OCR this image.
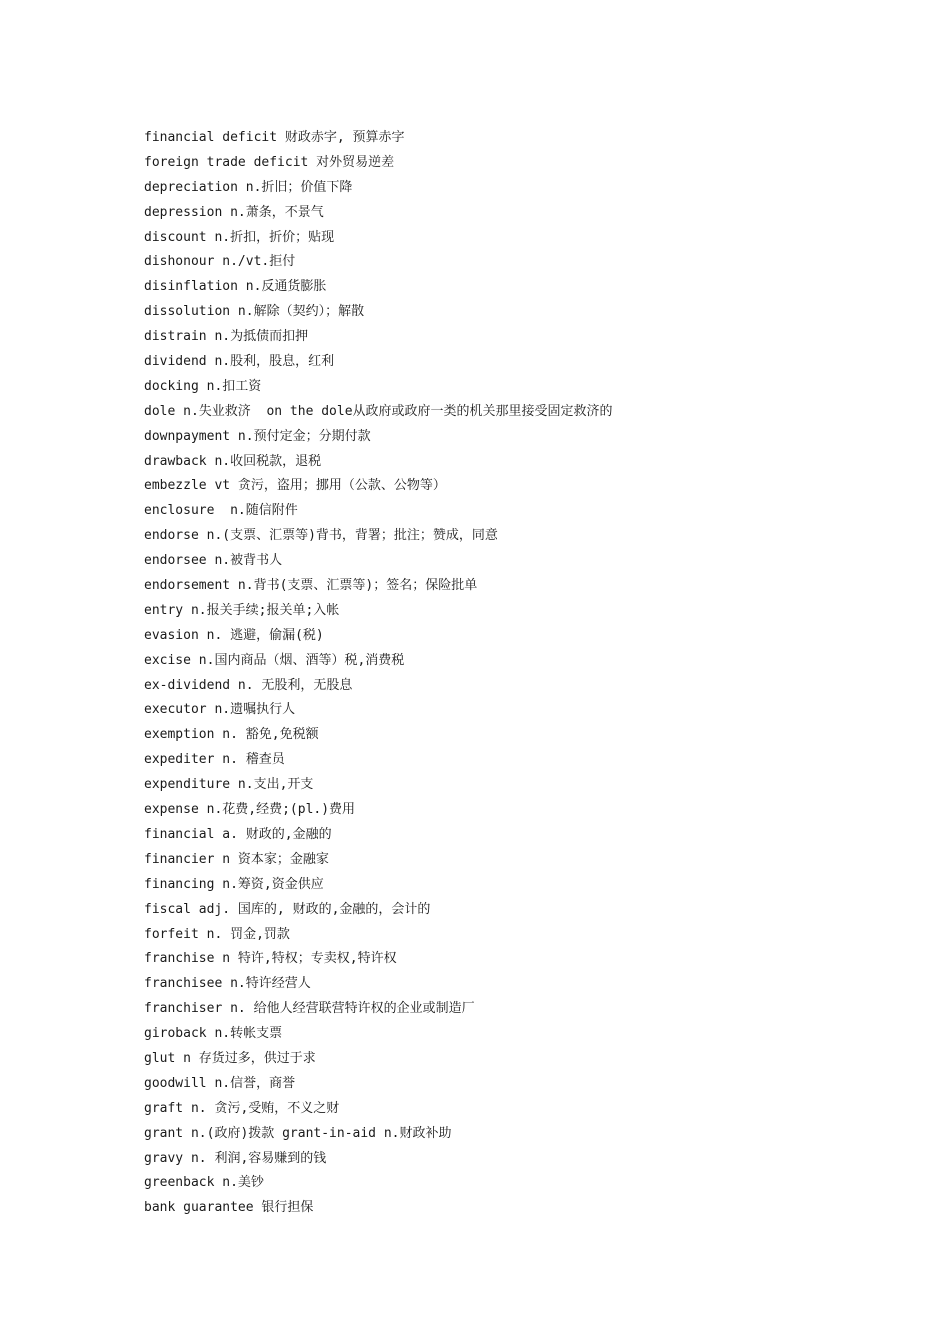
financial deficit 财政赤字, 预算赤字
foreign trade deficit 对外贸易逆差
depreciation n.折旧；价值下降
depression n.萧条，不景气
discount n.折扣，折价；贴现
dishonour n./vt.拒付
disinflation n.反通货膨胀
dissolution n.解除（契约）；解散
distrain n.为抵债而扣押
dividend n.股利，股息，红利
docking n.扣工资
dole n.失业救济  on the dole从政府或政府一类的机关那里接受固定救济的
downpayment n.预付定金；分期付款
drawback n.收回税款，退税
embezzle vt 贪污，盗用；挪用（公款、公物等）
enclosure  n.随信附件
endorse n.(支票、汇票等)背书，背署；批注；赞成，同意
endorsee n.被背书人
endorsement n.背书(支票、汇票等)；签名；保险批单
entry n.报关手续;报关单;入帐
evasion n. 逃避，偷漏(税)
excise n.国内商品（烟、酒等）税,消费税
ex-dividend n. 无股利，无股息
executor n.遗嘱执行人
exemption n. 豁免,免税额
expediter n. 稽查员
expenditure n.支出,开支
expense n.花费,经费;(pl.)费用
financial a. 财政的,金融的
financier n 资本家；金融家
financing n.筹资,资金供应
fiscal adj. 国库的, 财政的,金融的，会计的
forfeit n. 罚金,罚款
franchise n 特许,特权；专卖权,特许权
franchisee n.特许经营人
franchiser n. 给他人经营联营特许权的企业或制造厂
giroback n.转帐支票
glut n 存货过多，供过于求
goodwill n.信誉，商誉
graft n. 贪污,受贿，不义之财
grant n.(政府)拨款 grant-in-aid n.财政补助
gravy n. 利润,容易赚到的钱
greenback n.美钞
bank guarantee 银行担保
